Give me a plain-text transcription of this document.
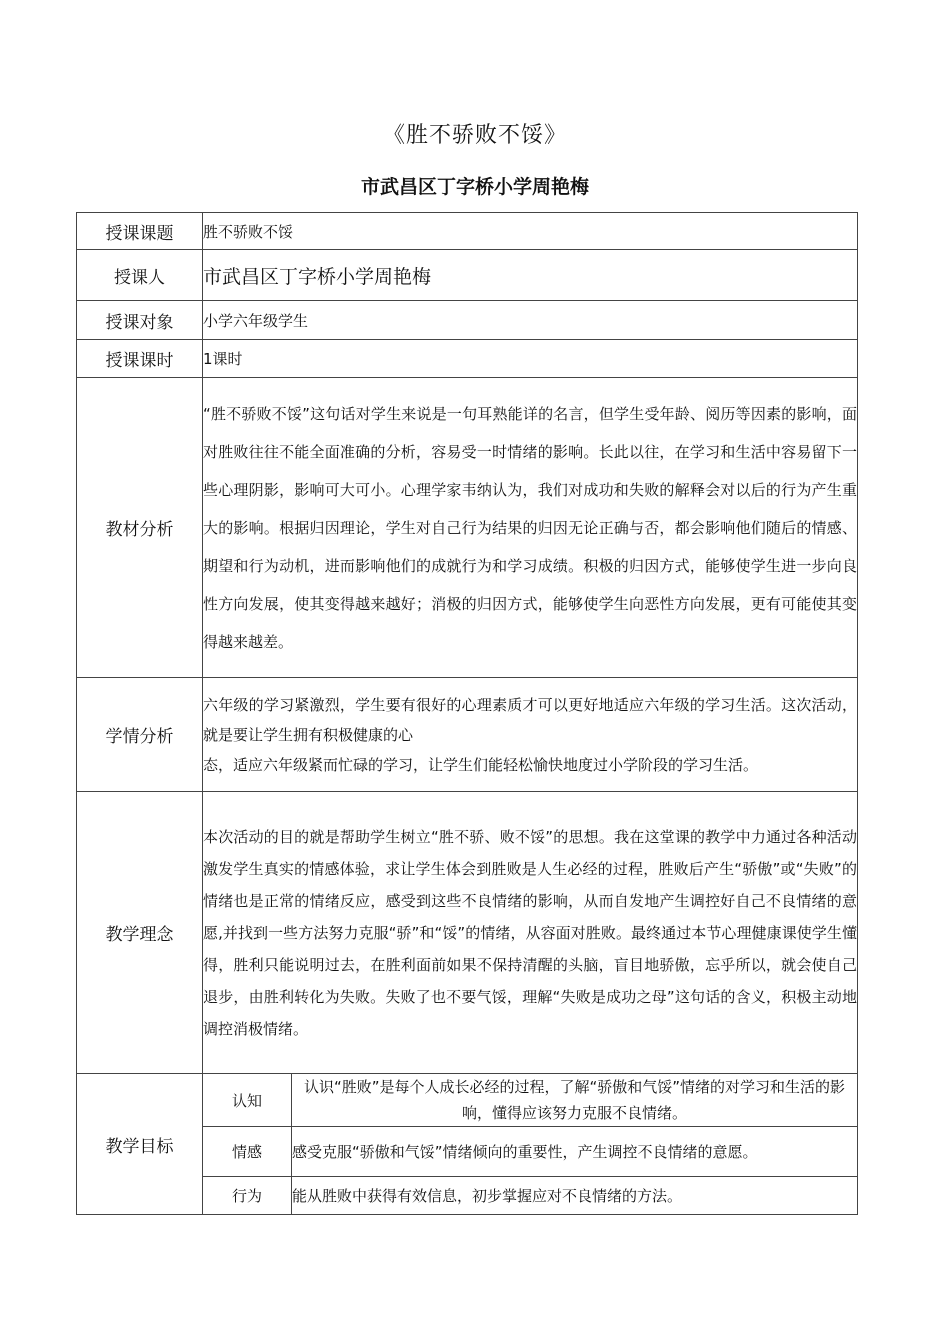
《胜不骄败不馁》
市武昌区丁字桥小学周艳梅
授课课题	胜不骄败不馁	
授课人	市武昌区丁字桥小学周艳梅	
授课对象	小学六年级学生	
授课课时	1课时	
教材分析	“胜不骄败不馁”这句话对学生来说是一句耳熟能详的名言，但学生受年龄、阅历等因素的影响，面对胜败往往不能全面准确的分析，容易受一时情绪的影响。长此以往，在学习和生活中容易留下一些心理阴影，影响可大可小。心理学家韦纳认为，我们对成功和失败的解释会对以后的行为产生重大的影响。根据归因理论，学生对自己行为结果的归因无论正确与否，都会影响他们随后的情感、期望和行为动机，进而影响他们的成就行为和学习成绩。积极的归因方式，能够使学生进一步向良性方向发展，使其变得越来越好；消极的归因方式，能够使学生向恶性方向发展，更有可能使其变得越来越差。	
学情分析	六年级的学习紧激烈，学生要有很好的心理素质才可以更好地适应六年级的学习生活。这次活动，就是要让学生拥有积极健康的心
态，适应六年级紧而忙碌的学习，让学生们能轻松愉快地度过小学阶段的学习生活。	

教学理念	本次活动的目的就是帮助学生树立“胜不骄、败不馁”的思想。我在这堂课的教学中力通过各种活动激发学生真实的情感体验，求让学生体会到胜败是人生必经的过程，胜败后产生“骄傲”或“失败”的情绪也是正常的情绪反应，感受到这些不良情绪的影响，从而自发地产生调控好自己不良情绪的意愿,并找到一些方法努力克服“骄”和“馁”的情绪，从容面对胜败。最终通过本节心理健康课使学生懂得，胜利只能说明过去，在胜利面前如果不保持清醒的头脑，盲目地骄傲，忘乎所以，就会使自己退步，由胜利转化为失败。失败了也不要气馁，理解“失败是成功之母”这句话的含义，积极主动地调控消极情绪。	
教学目标	认知	认识“胜败”是每个人成长必经的过程，了解“骄傲和气馁”情绪的对学习和生活的影响，懂得应该努力克服不良情绪。
	情感	感受克服“骄傲和气馁”情绪倾向的重要性，产生调控不良情绪的意愿。
	行为	能从胜败中获得有效信息，初步掌握应对不良情绪的方法。
